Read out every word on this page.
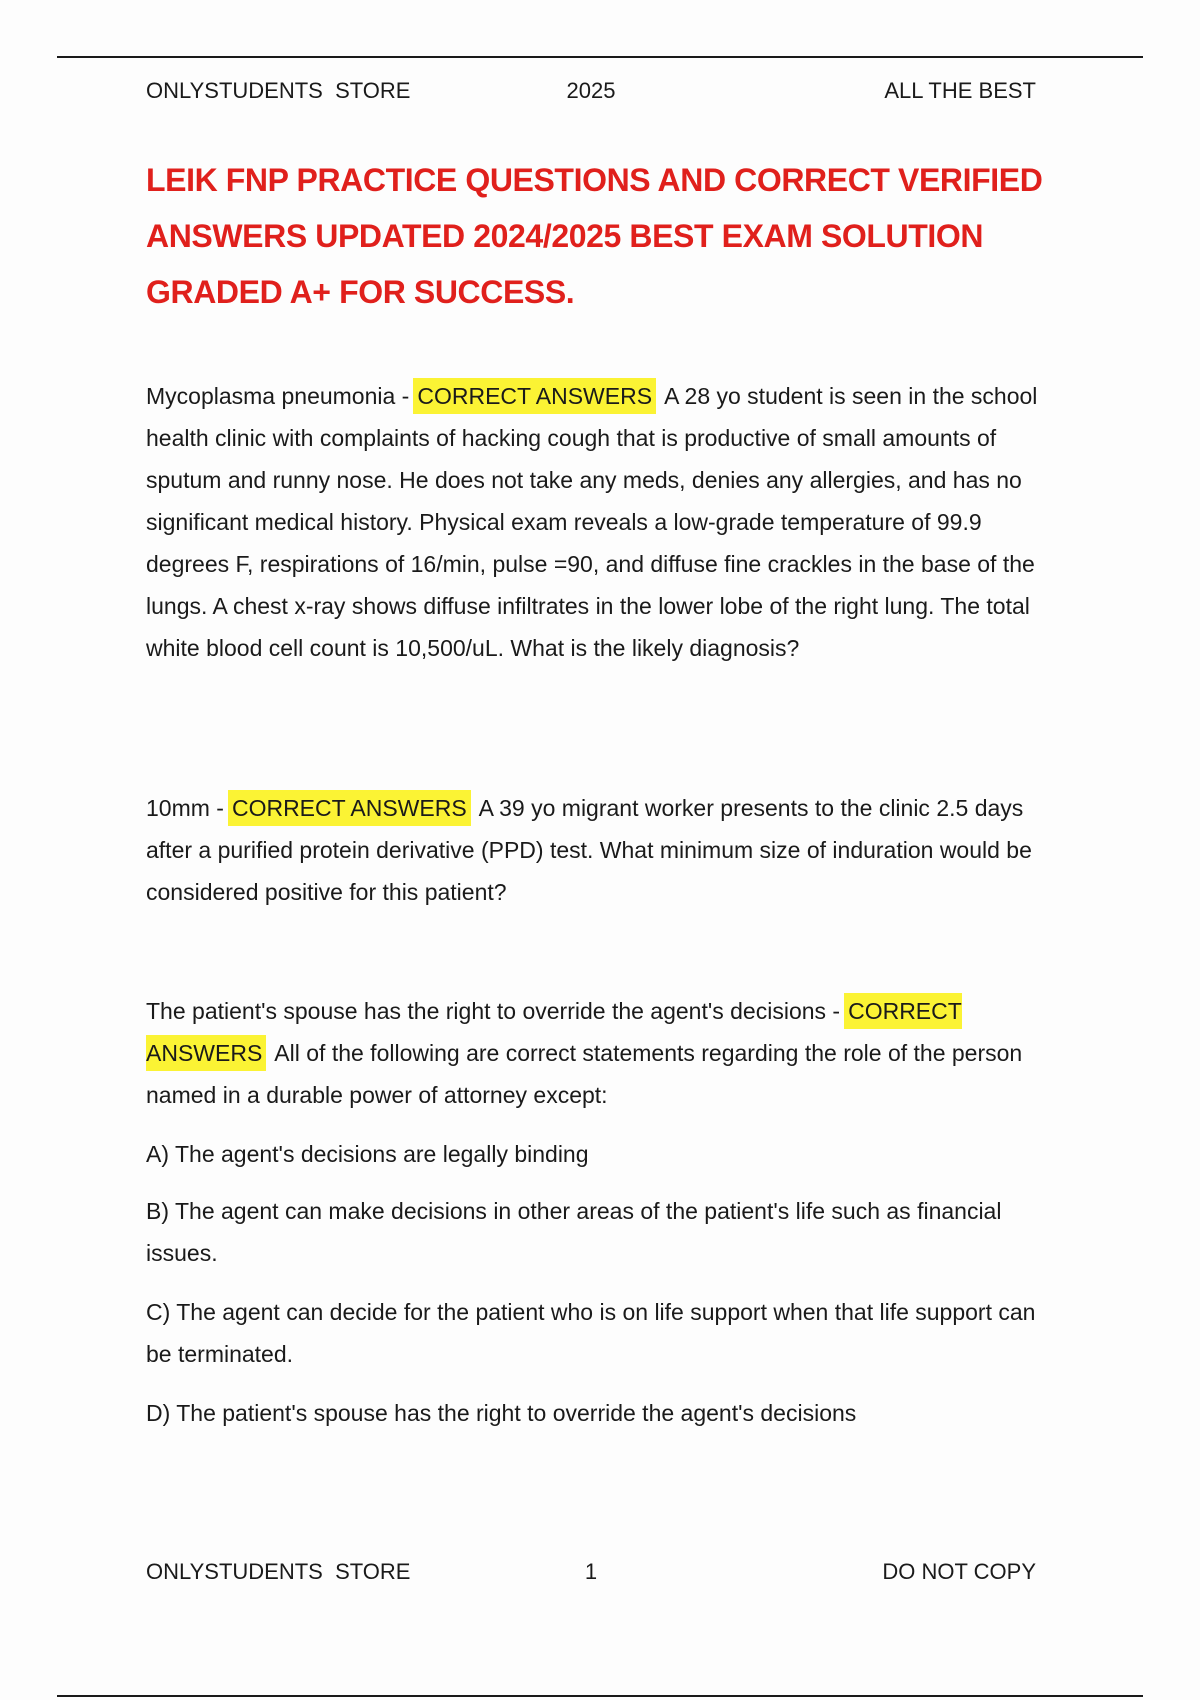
ONLYSTUDENTS  STORE	2025	ALL THE BEST
LEIK FNP PRACTICE QUESTIONS AND CORRECT VERIFIED ANSWERS UPDATED 2024/2025 BEST EXAM SOLUTION GRADED A+ FOR SUCCESS.

Mycoplasma pneumonia - CORRECT ANSWERS A 28 yo student is seen in the school health clinic with complaints of hacking cough that is productive of small amounts of sputum and runny nose. He does not take any meds, denies any allergies, and has no significant medical history. Physical exam reveals a low-grade temperature of 99.9 degrees F, respirations of 16/min, pulse =90, and diffuse fine crackles in the base of the lungs. A chest x-ray shows diffuse infiltrates in the lower lobe of the right lung. The total white blood cell count is 10,500/uL. What is the likely diagnosis?

10mm - CORRECT ANSWERS A 39 yo migrant worker presents to the clinic 2.5 days after a purified protein derivative (PPD) test. What minimum size of induration would be considered positive for this patient?

The patient's spouse has the right to override the agent's decisions - CORRECT ANSWERS All of the following are correct statements regarding the role of the person named in a durable power of attorney except:

A) The agent's decisions are legally binding

B) The agent can make decisions in other areas of the patient's life such as financial issues.

C) The agent can decide for the patient who is on life support when that life support can be terminated.

D) The patient's spouse has the right to override the agent's decisions

ONLYSTUDENTS  STORE	1	DO NOT COPY
